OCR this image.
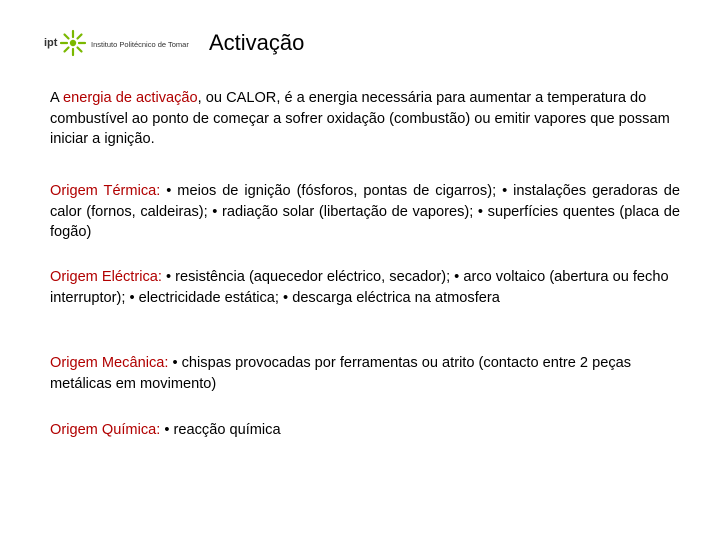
ipt	Instituto Politécnico de Tomar Activação

A energia de activação, ou CALOR, é a energia necessária para aumentar a temperatura do combustível ao ponto de começar a sofrer oxidação (combustão) ou emitir vapores que possam iniciar a ignição.

Origem Térmica: • meios de ignição (fósforos, pontas de cigarros); • instalações geradoras de calor (fornos, caldeiras); • radiação solar (libertação de vapores); • superfícies quentes (placa de fogão)

Origem Eléctrica: • resistência (aquecedor eléctrico, secador); • arco voltaico (abertura ou fecho interruptor); • electricidade estática; • descarga eléctrica na atmosfera

Origem Mecânica: • chispas provocadas por ferramentas ou atrito (contacto entre 2 peças metálicas em movimento)

Origem Química: • reacção química
